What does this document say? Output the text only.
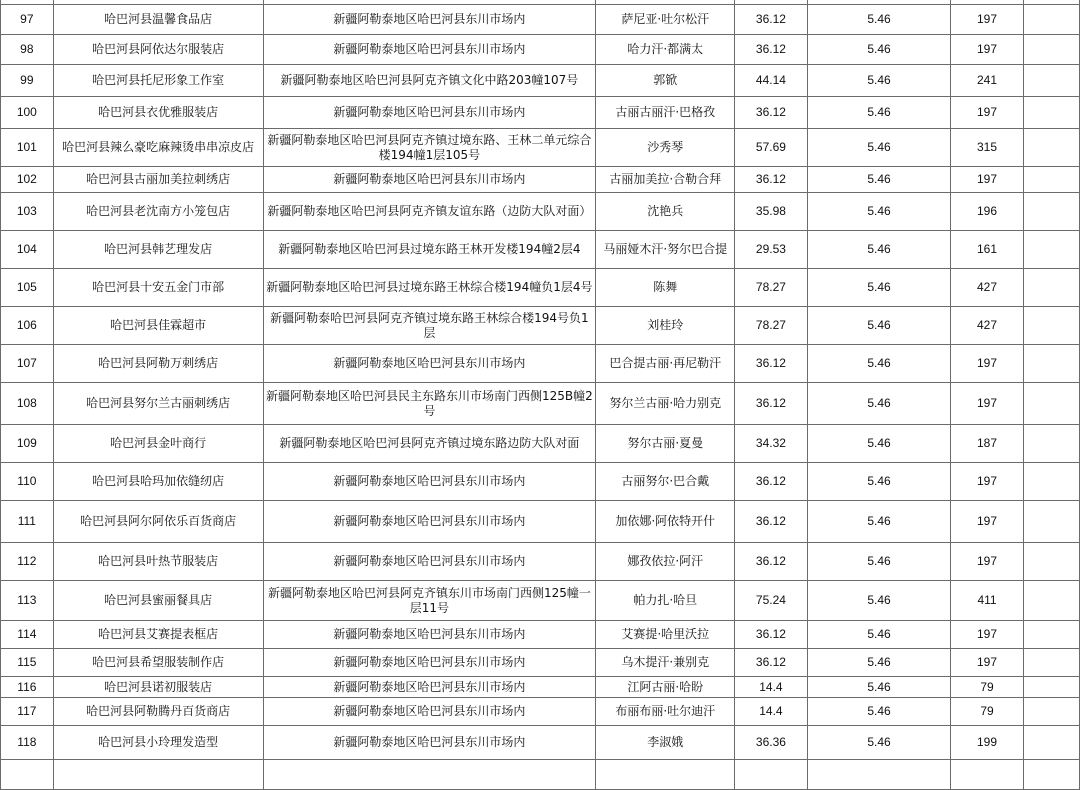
97	哈巴河县温馨食品店	新疆阿勒泰地区哈巴河县东川市场内	萨尼亚·吐尔松汗	36.12	5.46	197	
98	哈巴河县阿依达尔服装店	新疆阿勒泰地区哈巴河县东川市场内	哈力汗·都满太	36.12	5.46	197	
99	哈巴河县托尼形象工作室	新疆阿勒泰地区哈巴河县阿克齐镇文化中路203幢107号	郭锨	44.14	5.46	241	
100	哈巴河县衣优雅服装店	新疆阿勒泰地区哈巴河县东川市场内	古丽古丽汗·巴格孜	36.12	5.46	197	
101	哈巴河县辣么豪吃麻辣烫串串凉皮店	新疆阿勒泰地区哈巴河县阿克齐镇过境东路、王林二单元综合楼194幢1层105号	沙秀琴	57.69	5.46	315	
102	哈巴河县古丽加美拉刺绣店	新疆阿勒泰地区哈巴河县东川市场内	古丽加美拉·合勒合拜	36.12	5.46	197	
103	哈巴河县老沈南方小笼包店	新疆阿勒泰地区哈巴河县阿克齐镇友谊东路（边防大队对面）	沈艳兵	35.98	5.46	196	
104	哈巴河县韩艺理发店	新疆阿勒泰地区哈巴河县过境东路王林开发楼194幢2层4	马丽娅木汗·努尔巴合提	29.53	5.46	161	
105	哈巴河县十安五金门市部	新疆阿勒泰地区哈巴河县过境东路王林综合楼194幢负1层4号	陈舞	78.27	5.46	427	
106	哈巴河县佳霖超市	新疆阿勒泰哈巴河县阿克齐镇过境东路王林综合楼194号负1层	刘桂玲	78.27	5.46	427	
107	哈巴河县阿勒万刺绣店	新疆阿勒泰地区哈巴河县东川市场内	巴合提古丽·再尼勒汗	36.12	5.46	197	
108	哈巴河县努尔兰古丽刺绣店	新疆阿勒泰地区哈巴河县民主东路东川市场南门西侧125B幢2号	努尔兰古丽·哈力别克	36.12	5.46	197	
109	哈巴河县金叶商行	新疆阿勒泰地区哈巴河县阿克齐镇过境东路边防大队对面	努尔古丽·夏曼	34.32	5.46	187	
110	哈巴河县哈玛加依缝纫店	新疆阿勒泰地区哈巴河县东川市场内	古丽努尔·巴合戴	36.12	5.46	197	
111	哈巴河县阿尔阿依乐百货商店	新疆阿勒泰地区哈巴河县东川市场内	加依娜·阿依特开什	36.12	5.46	197	
112	哈巴河县叶热节服装店	新疆阿勒泰地区哈巴河县东川市场内	娜孜依拉·阿汗	36.12	5.46	197	
113	哈巴河县蜜丽餐具店	新疆阿勒泰地区哈巴河县阿克齐镇东川市场南门西侧125幢一层11号	帕力扎·哈旦	75.24	5.46	411	
114	哈巴河县艾赛提表框店	新疆阿勒泰地区哈巴河县东川市场内	艾赛提·哈里沃拉	36.12	5.46	197	
115	哈巴河县希望服装制作店	新疆阿勒泰地区哈巴河县东川市场内	乌木提汗·兼别克	36.12	5.46	197	
116	哈巴河县诺初服装店	新疆阿勒泰地区哈巴河县东川市场内	江阿古丽·哈盼	14.4	5.46	79	
117	哈巴河县阿勒腾丹百货商店	新疆阿勒泰地区哈巴河县东川市场内	布丽布丽·吐尔迪汗	14.4	5.46	79	
118	哈巴河县小玲理发造型	新疆阿勒泰地区哈巴河县东川市场内	李淑娥	36.36	5.46	199	
